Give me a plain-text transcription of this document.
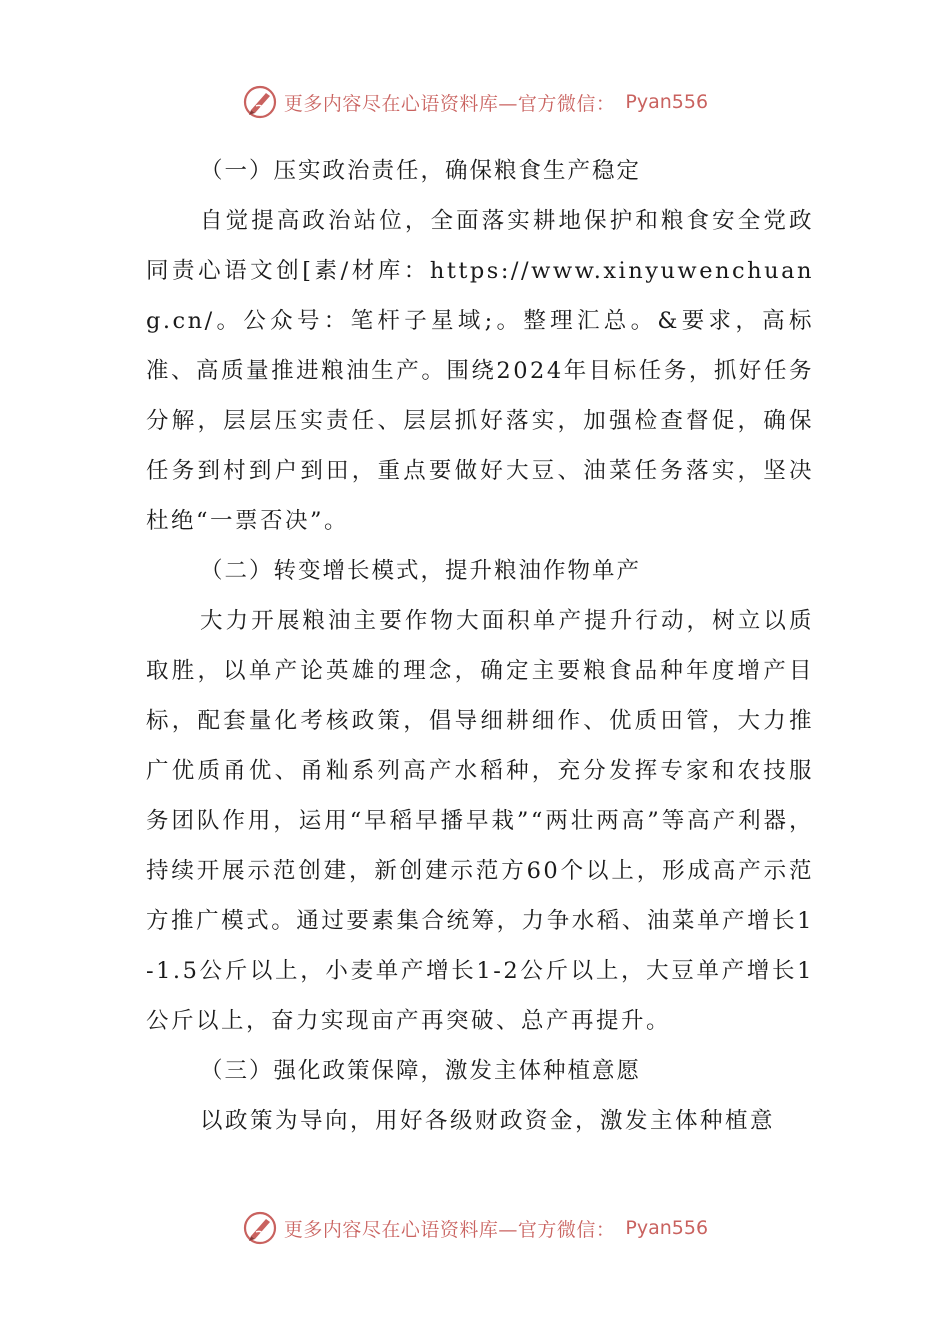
更多内容尽在心语资料库—官方微信： Pyan556
（一）压实政治责任，确保粮食生产稳定

自觉提高政治站位，全面落实耕地保护和粮食安全党政同责心语文创[素/材库：https://www.xinyuwenchuang.cn/。公众号：笔杆子星域;。整理汇总。&要求，高标准、高质量推进粮油生产。围绕2024年目标任务，抓好任务分解，层层压实责任、层层抓好落实，加强检查督促，确保任务到村到户到田，重点要做好大豆、油菜任务落实，坚决杜绝“一票否决”。

（二）转变增长模式，提升粮油作物单产

大力开展粮油主要作物大面积单产提升行动，树立以质取胜，以单产论英雄的理念，确定主要粮食品种年度增产目标，配套量化考核政策，倡导细耕细作、优质田管，大力推广优质甬优、甬籼系列高产水稻种，充分发挥专家和农技服务团队作用，运用“早稻早播早栽”“两壮两高”等高产利器，持续开展示范创建，新创建示范方60个以上，形成高产示范方推广模式。通过要素集合统筹，力争水稻、油菜单产增长1-1.5公斤以上，小麦单产增长1-2公斤以上，大豆单产增长1公斤以上，奋力实现亩产再突破、总产再提升。

（三）强化政策保障，激发主体种植意愿

以政策为导向，用好各级财政资金，激发主体种植意

更多内容尽在心语资料库—官方微信： Pyan556
